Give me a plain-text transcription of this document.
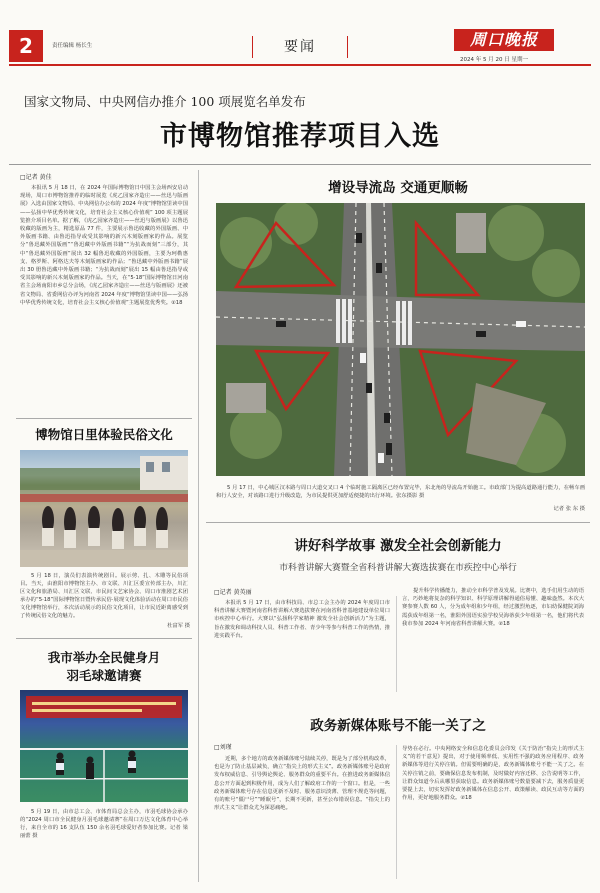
2	责任编辑 杨长生	要闻	周口晚报
2024 年 5 月 20 日 星期一
国家文物局、中央网信办推介 100 项展览名单发布
市博物馆推荐项目入选
□记者 黄佳
本报讯 5 月 18 日，在 2024 年国际博物馆日中国主会场西安启动现场，周口市博物馆推荐的临时展览《虎乙园家齐造庄——丝迅与版画展》入选由国家文物局、中央网信办公布的 2024 年度“博物馆里读中国——弘扬中华优秀传统文化，培育社会主义核心价值观” 100 项主题展览推介项目名单。据了解，《虎乙园家齐造庄——丝迅与版画展》以鲁迅收藏的版画为主，精选原品 77 件，主要展示鲁迅收藏的外国版画、中外版画书籍、由鲁迅指导或受其影响的新兴木刻版画家的作品。展览分“鲁迅藏外国版画”“鲁迅藏中外版画书籍”“为抗战而刻”三部分，其中“鲁迅藏外国版画”展出 32 幅鲁迅收藏的外国版画，主要为珂勒惠支、格罗斯、阿格达夫等木刻版画家的作品；“鲁迅藏中外版画书籍”展出 30 册鲁迅藏中外版画书籍；“为抗战而刻”展出 15 幅由鲁迅指导或受其影响的新兴木刻版画家的作品。当天，在“5·18”国际博物馆日河南省主会场南阳市乡总分会场，《虎乙园家齐造庄——丝迅与版画展》还被省文物局、省委网信办评为河南省 2024 年度“博物馆里读中国——弘扬中华优秀传统文化，培育社会主义核心价值观”主题展览优秀奖。②18
博物馆日里体验民俗文化
5 月 18 日，演员们表演传统剧目。展示剪、扎、木雕等民俗项目。当天，由淮阳市博物馆主办、市文联、川汇区委宣传部主办，川汇区文化和旅游局、川汇区文联、市民间文艺家协会、周口市淮剧艺术团承办的“5·18”国际博物馆日暨传承民俗·展现文化体验活动在周口市民俗文化博物馆举行，本次活动展示的民俗文化项目，让市民近距离感受到了传统民俗文化的魅力。
杜富军 摄
我市举办全民健身月
羽毛球邀请赛
5 月 19 日，由市总工会、市体育局总会主办，市羽毛球协会承办的“2024 周口市全民健身月羽毛球邀请赛”在周口万达文化体育中心举行，来自全市的 16 支队伍 150 余名羽毛球爱好者参加比赛。记者 梁丽蕾 摄
增设导流岛 交通更顺畅
5 月 17 日，中心城区汉本路与周口大道交叉口 4 个临时施工隔离区已经布置完毕，东北角的导流岛开始施工。市政部门为提高道路通行能力，在畅车画和行人安全，对该路口进行升级改造，为市民提供更加舒适便捷的出行环境。张东摄影 摄
记者 张 东 摄
讲好科学故事 激发全社会创新能力
市科普讲解大赛暨全省科普讲解大赛选拔赛在市疾控中心举行
□记者 黄英丽
本报讯 5 月 17 日，由市科技局、市总工会主办的 2024 年度周口市科普讲解大赛暨河南省科普讲解大赛选拔赛在河南省科普基地建设单位周口市疾控中心举行。大赛以“弘扬科学家精神 激发全社会创新活力”为主题，旨在激发和调动科技人员、科普工作者、青少年等参与科普工作的热情，推进实践平台。
提升科学传播能力，推动全市科学普及发展。比赛中，选手们用生动的语言，巧妙地将复杂的科学知识、科学原理讲解得通俗易懂、趣味盎然。本次大赛参赛人数 60 人，分为成年组和少年组，经过激烈角逐，市妇幼保健院刘海霞获成年组第一名，淮阳外国语实验学校吴海蒂获少年组第一名，他们将代表我市参加 2024 年河南省科普讲解大赛。②18
政务新媒体账号不能一关了之
□刘瑾
近期，多个地方的政务新媒体账号陆续关停，既是为了部分机构改革，也是为了防止基层减负，确立“指尖上的形式主义”。政务新媒体账号是政府发布权威信息、引导舆论舆论、服务群众的重要平台。在推进政务新媒体信息公开方面起到积极作用，成为人们了解政府工作的一个窗口。但是，一些政务新媒体账号存在信息更新不及时、服务意识淡薄、管理不规范等问题，有的账号“僵尸号”“睡眠号”，长期不更新，甚至公布错误信息。“指尖上的形式主义”让群众尤为深恶痛绝。
导势在必行。中央网络安全和信息化委员会印发《关于防治“指尖上的形式主义”的若干意见》提出，对于使用频率低、实用性不强的政务应用程序、政务新媒体等进行关停注销。但需要明确的是，政务新媒体账号不能一关了之。在关停注销之前，要确保信息发布机制，及时做好内容迁移、公告说明等工作，让群众知道今后从哪里获取信息。政务新媒体账号数量要减下去，服务质量更要提上去，切实发挥好政务新媒体在信息公开、政策解读、政民互动等方面的作用，更好地服务群众。②18
